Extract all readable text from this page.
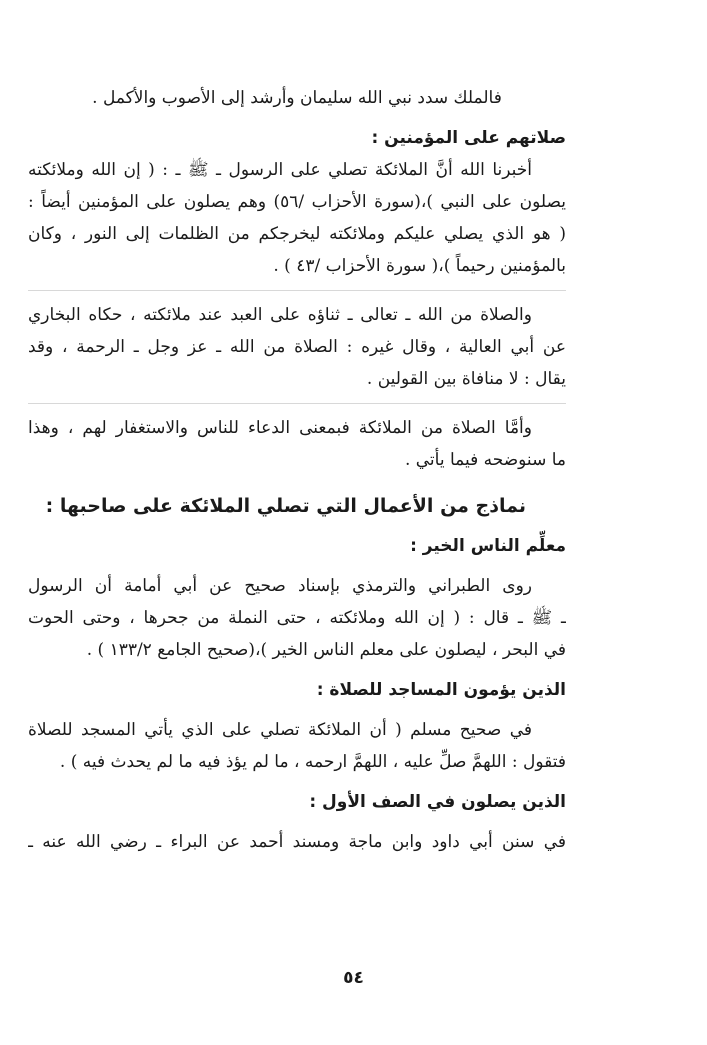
فالملك سدد نبي الله سليمان وأرشد إلى الأصوب والأكمل .
صلاتهم على المؤمنين :
أخبرنا الله أنَّ الملائكة تصلي على الرسول ـ ﷺ ـ : ( إن الله وملائكته
يصلون على النبي )،(سورة الأحزاب /٥٦) وهم يصلون على المؤمنين أيضاً :
( هو الذي يصلي عليكم وملائكته ليخرجكم من الظلمات إلى النور ، وكان
بالمؤمنين رحيماً )،( سورة الأحزاب /٤٣ ) .
والصلاة من الله ـ تعالى ـ ثناؤه على العبد عند ملائكته ، حكاه البخاري
عن أبي العالية ، وقال غيره : الصلاة من الله ـ عز وجل ـ الرحمة ، وقد
يقال : لا منافاة بين القولين .
وأمَّا الصلاة من الملائكة فبمعنى الدعاء للناس والاستغفار لهم ، وهذا
ما سنوضحه فيما يأتي .
نماذج من الأعمال التي تصلي الملائكة على صاحبها :
معلِّم الناس الخير :
روى الطبراني والترمذي بإسناد صحيح عن أبي أمامة أن الرسول
ـ ﷺ ـ قال : ( إن الله وملائكته ، حتى النملة من جحرها ، وحتى الحوت
في البحر ، ليصلون على معلم الناس الخير )،(صحيح الجامع ١٣٣/٢ ) .
الذين يؤمون المساجد للصلاة :
في صحيح مسلم ( أن الملائكة تصلي على الذي يأتي المسجد للصلاة
فتقول : اللهمَّ صلِّ عليه ، اللهمَّ ارحمه ، ما لم يؤذ فيه ما لم يحدث فيه ) .
الذين يصلون في الصف الأول :
في سنن أبي داود وابن ماجة ومسند أحمد عن البراء ـ رضي الله عنه ـ
٥٤
